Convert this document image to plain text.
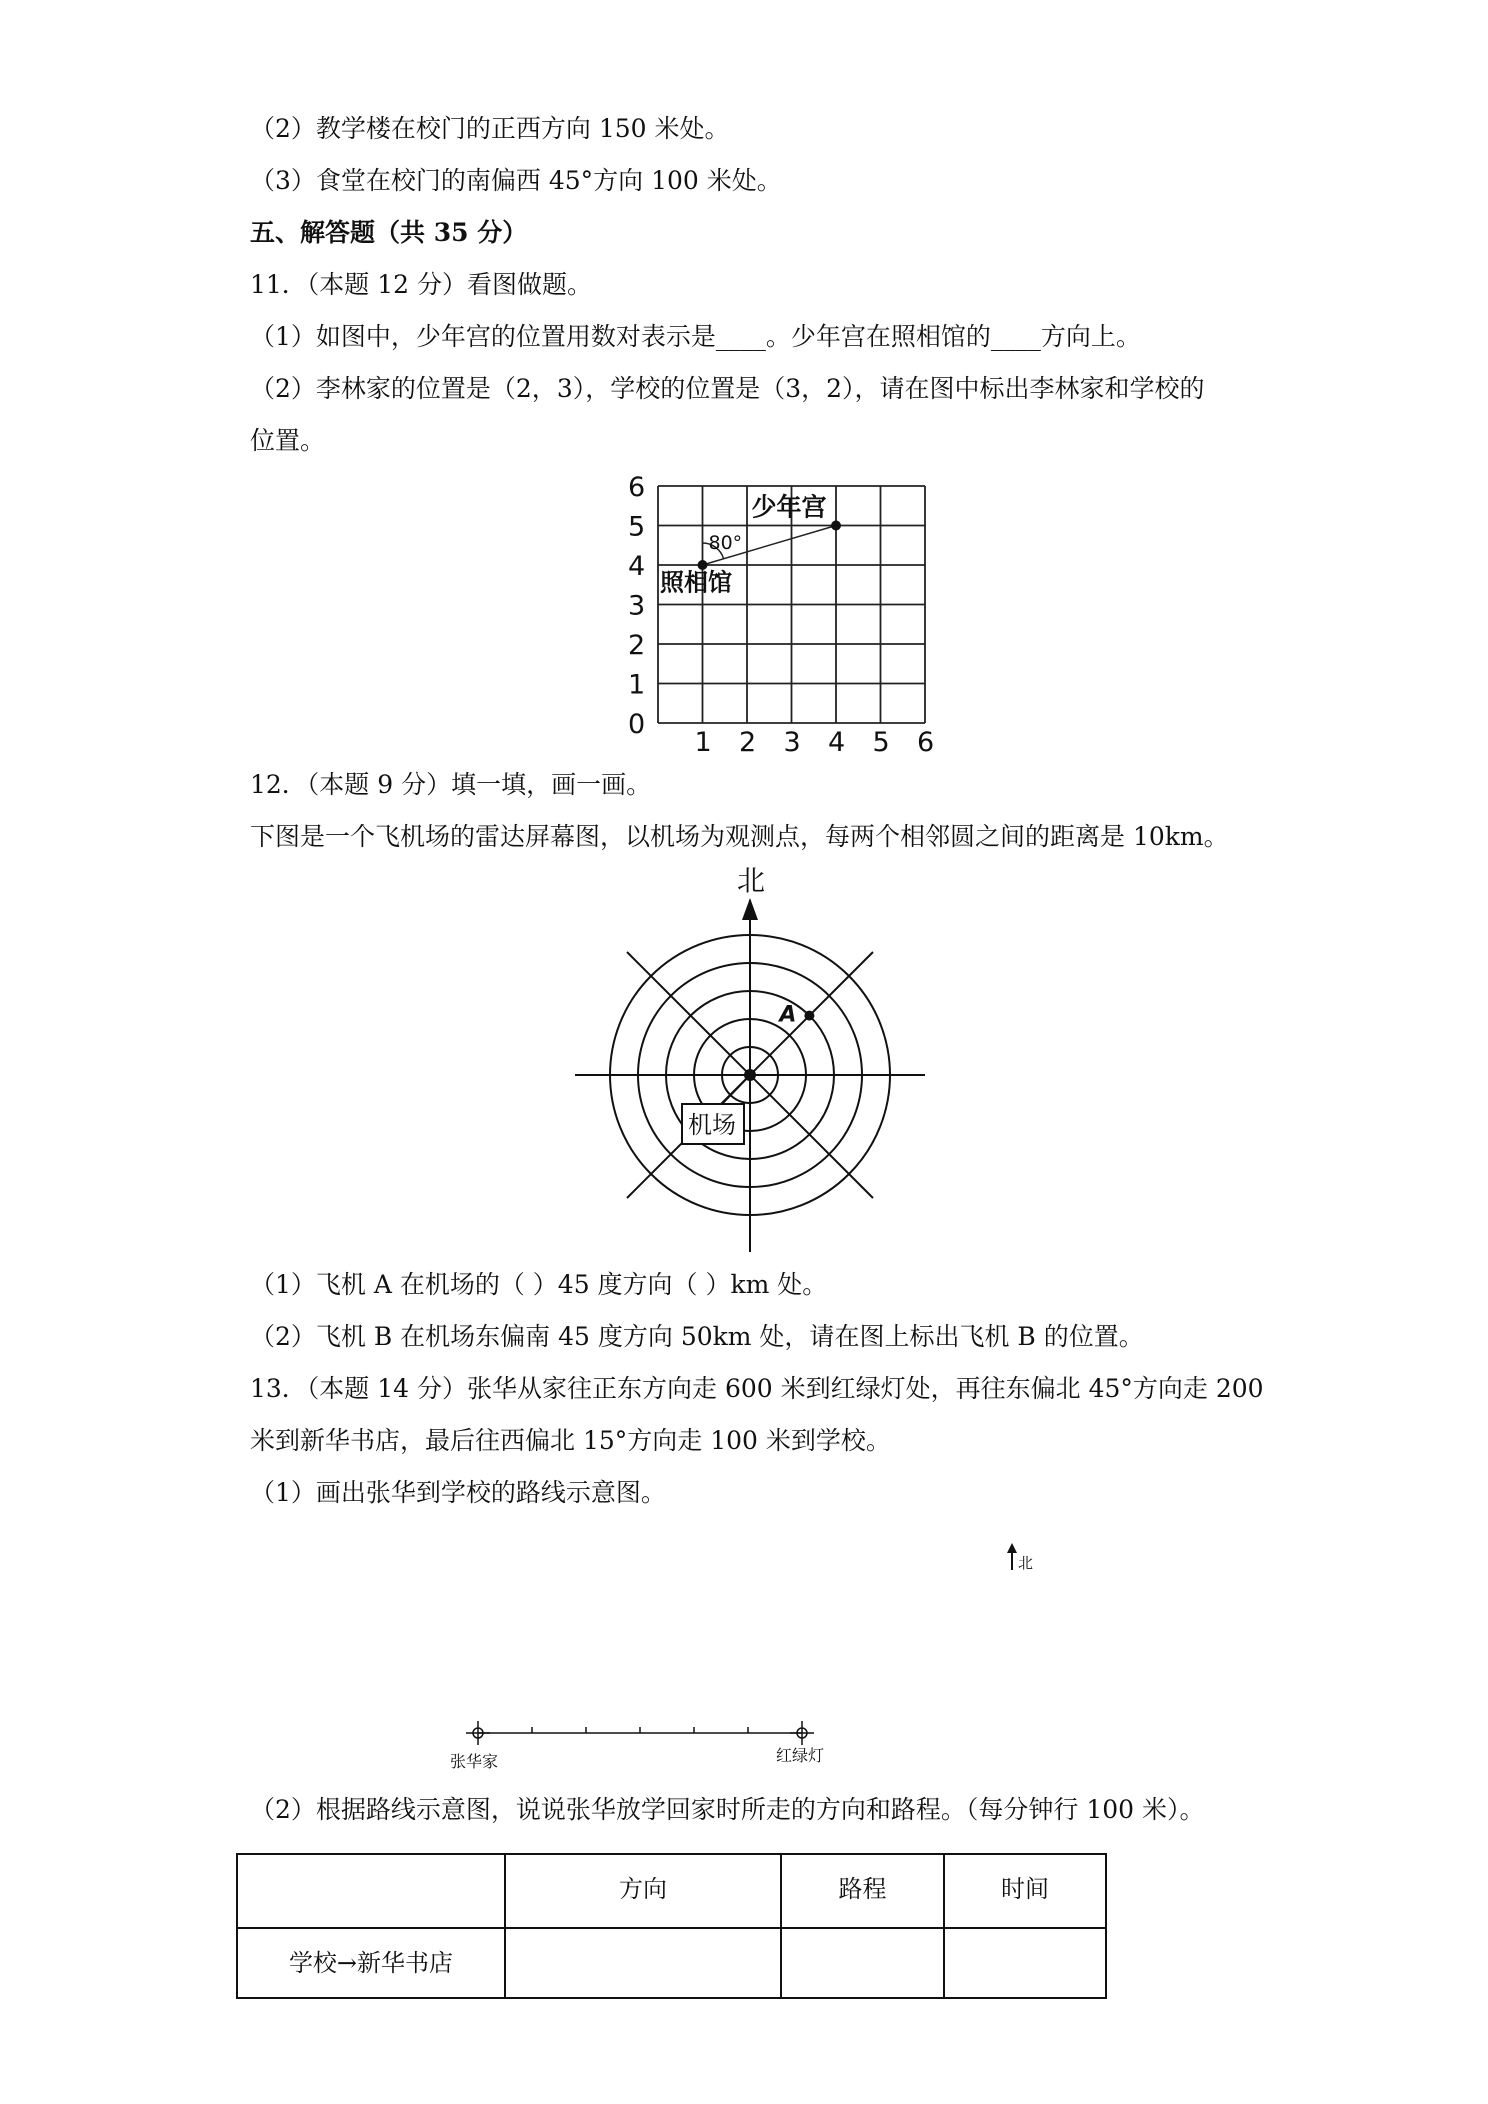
（2）教学楼在校门的正西方向 150 米处。
（3）食堂在校门的南偏西 45°方向 100 米处。
五、解答题（共 35 分）
11．（本题 12 分）看图做题。
（1）如图中，少年宫的位置用数对表示是____。少年宫在照相馆的____方向上。
（2）李林家的位置是（2，3），学校的位置是（3，2），请在图中标出李林家和学校的
位置。
1 2 3 4 5 6
0
1
2
3
4
5
6
少年宫
照相馆
80°
12．（本题 9 分）填一填，画一画。
下图是一个飞机场的雷达屏幕图，以机场为观测点，每两个相邻圆之间的距离是 10km。
北
A
机场
（1）飞机 A 在机场的（ ）45 度方向（ ）km 处。
（2）飞机 B 在机场东偏南 45 度方向 50km 处，请在图上标出飞机 B 的位置。
13．（本题 14 分）张华从家往正东方向走 600 米到红绿灯处，再往东偏北 45°方向走 200
米到新华书店，最后往西偏北 15°方向走 100 米到学校。
（1）画出张华到学校的路线示意图。
北
张华家	红绿灯
（2）根据路线示意图，说说张华放学回家时所走的方向和路程。（每分钟行 100 米）。
	方向	路程	时间
学校→新华书店			
